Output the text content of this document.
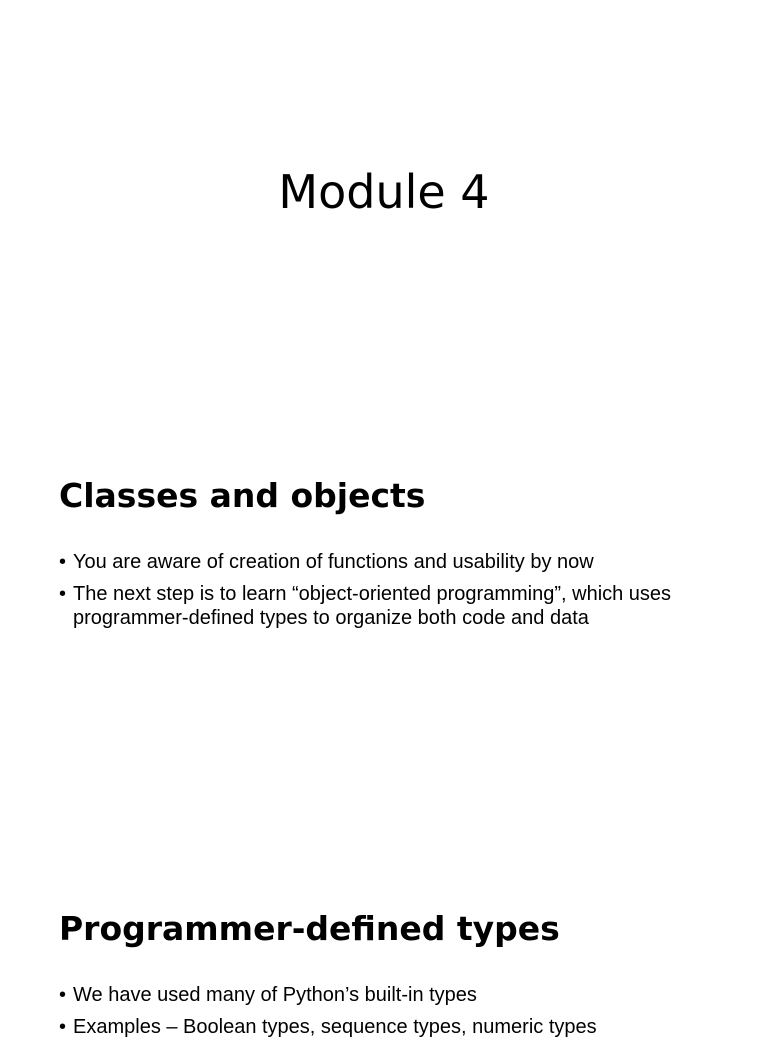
Module 4
Classes and objects
• You are aware of creation of functions and usability by now
• The next step is to learn “object-oriented programming”, which uses programmer-defined types to organize both code and data
Programmer-defined types
• We have used many of Python’s built-in types
• Examples – Boolean types, sequence types, numeric types
